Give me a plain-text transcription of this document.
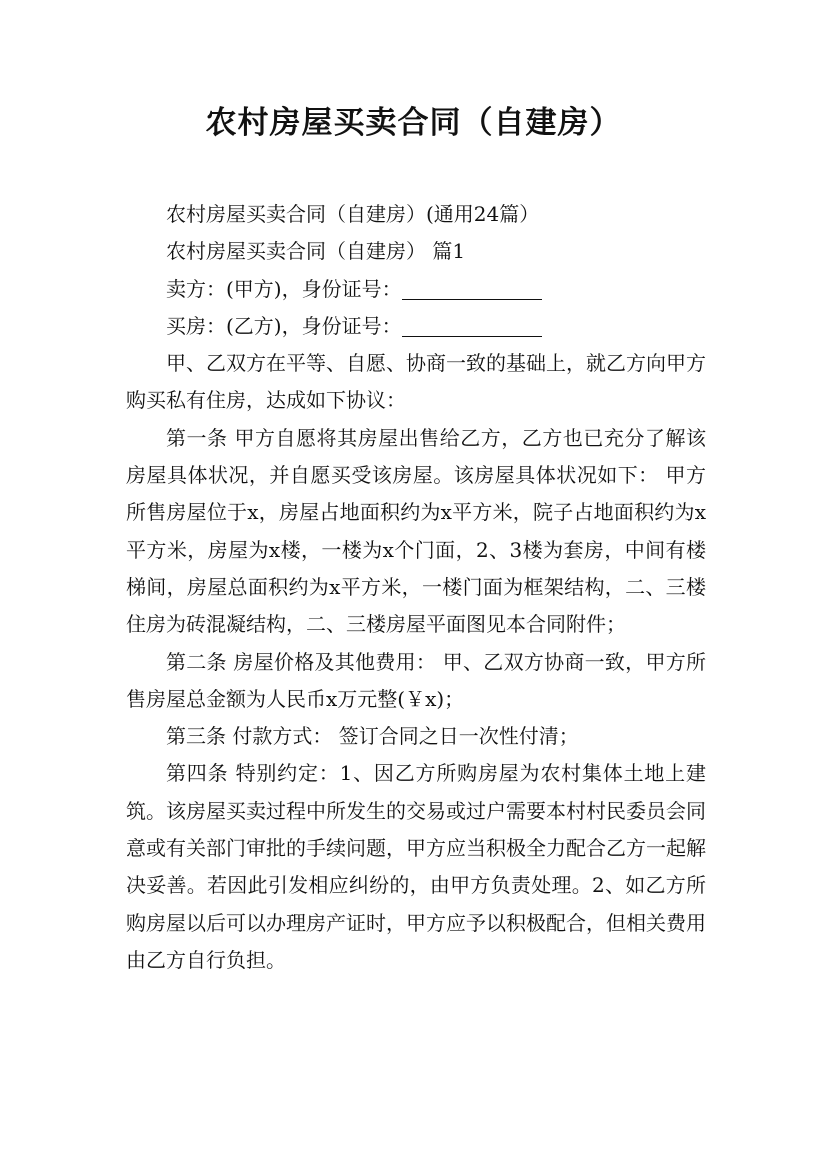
农村房屋买卖合同（自建房）

农村房屋买卖合同（自建房）(通用24篇）

农村房屋买卖合同（自建房） 篇1

卖方：(甲方)，身份证号：

买房：(乙方)，身份证号：

甲、乙双方在平等、自愿、协商一致的基础上，就乙方向甲方购买私有住房，达成如下协议：

第一条 甲方自愿将其房屋出售给乙方，乙方也已充分了解该房屋具体状况，并自愿买受该房屋。该房屋具体状况如下： 甲方所售房屋位于x，房屋占地面积约为x平方米，院子占地面积约为x平方米，房屋为x楼，一楼为x个门面，2、3楼为套房，中间有楼梯间，房屋总面积约为x平方米，一楼门面为框架结构，二、三楼住房为砖混凝结构，二、三楼房屋平面图见本合同附件；

第二条 房屋价格及其他费用： 甲、乙双方协商一致，甲方所售房屋总金额为人民币x万元整(￥x)；

第三条 付款方式： 签订合同之日一次性付清；

第四条 特别约定：1、因乙方所购房屋为农村集体土地上建筑。该房屋买卖过程中所发生的交易或过户需要本村村民委员会同意或有关部门审批的手续问题，甲方应当积极全力配合乙方一起解决妥善。若因此引发相应纠纷的，由甲方负责处理。2、如乙方所购房屋以后可以办理房产证时，甲方应予以积极配合，但相关费用由乙方自行负担。
